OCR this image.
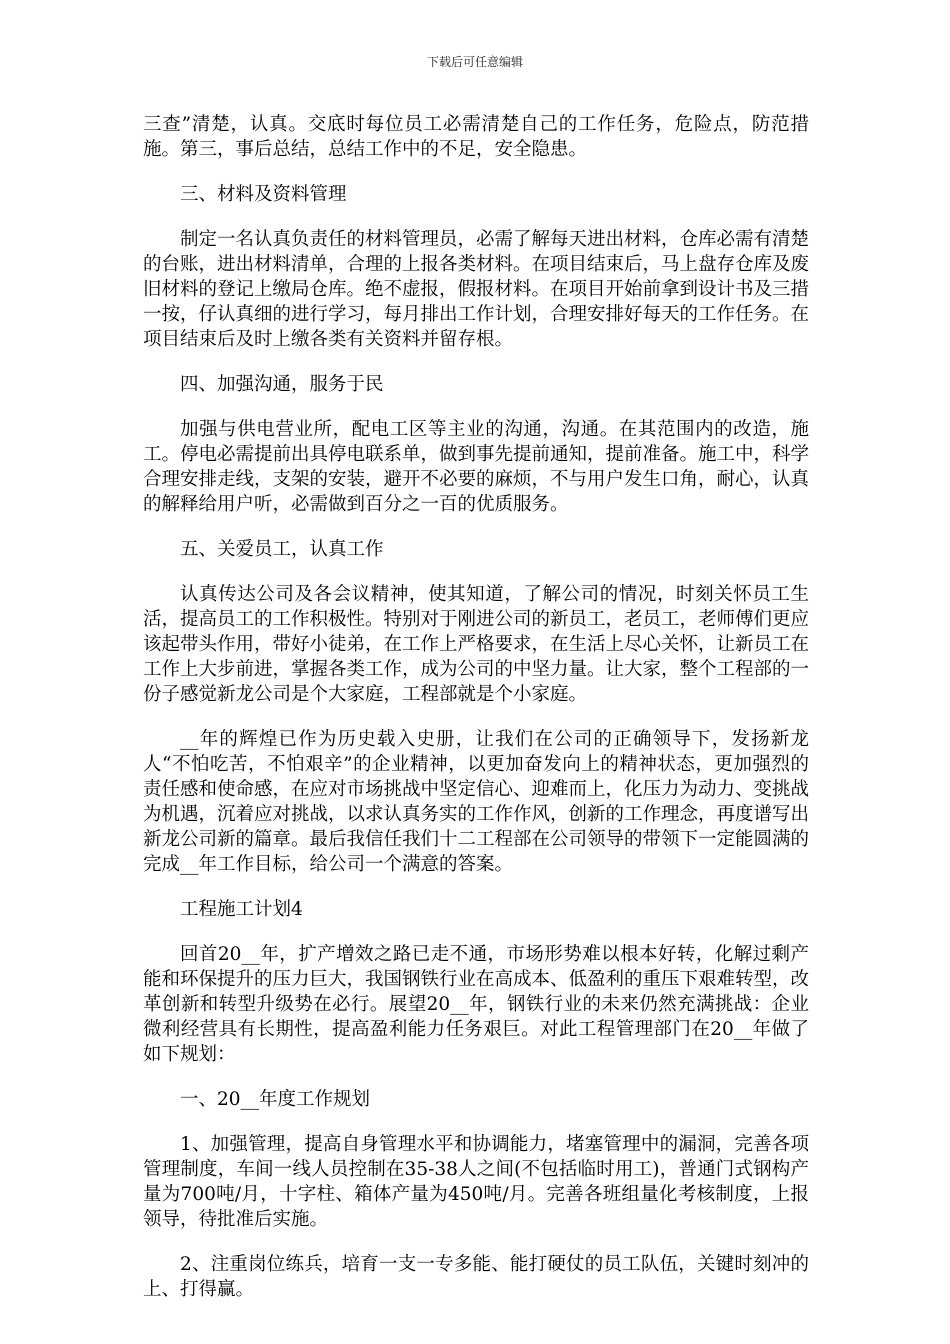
下载后可任意编辑

三查”清楚，认真。交底时每位员工必需清楚自己的工作任务，危险点，防范措施。第三，事后总结，总结工作中的不足，安全隐患。

三、材料及资料管理

制定一名认真负责任的材料管理员，必需了解每天进出材料，仓库必需有清楚的台账，进出材料清单，合理的上报各类材料。在项目结束后，马上盘存仓库及废旧材料的登记上缴局仓库。绝不虚报，假报材料。在项目开始前拿到设计书及三措一按，仔认真细的进行学习，每月排出工作计划，合理安排好每天的工作任务。在项目结束后及时上缴各类有关资料并留存根。

四、加强沟通，服务于民

加强与供电营业所，配电工区等主业的沟通，沟通。在其范围内的改造，施工。停电必需提前出具停电联系单，做到事先提前通知，提前准备。施工中，科学合理安排走线，支架的安装，避开不必要的麻烦，不与用户发生口角，耐心，认真的解释给用户听，必需做到百分之一百的优质服务。

五、关爱员工，认真工作

认真传达公司及各会议精神，使其知道，了解公司的情况，时刻关怀员工生活，提高员工的工作积极性。特别对于刚进公司的新员工，老员工，老师傅们更应该起带头作用，带好小徒弟，在工作上严格要求，在生活上尽心关怀，让新员工在工作上大步前进，掌握各类工作，成为公司的中坚力量。让大家，整个工程部的一份子感觉新龙公司是个大家庭，工程部就是个小家庭。

__年的辉煌已作为历史载入史册，让我们在公司的正确领导下，发扬新龙人“不怕吃苦，不怕艰辛”的企业精神，以更加奋发向上的精神状态，更加强烈的责任感和使命感，在应对市场挑战中坚定信心、迎难而上，化压力为动力、变挑战为机遇，沉着应对挑战，以求认真务实的工作作风，创新的工作理念，再度谱写出新龙公司新的篇章。最后我信任我们十二工程部在公司领导的带领下一定能圆满的完成__年工作目标，给公司一个满意的答案。

工程施工计划4

回首20__年，扩产增效之路已走不通，市场形势难以根本好转，化解过剩产能和环保提升的压力巨大，我国钢铁行业在高成本、低盈利的重压下艰难转型，改革创新和转型升级势在必行。展望20__年，钢铁行业的未来仍然充满挑战：企业微利经营具有长期性，提高盈利能力任务艰巨。对此工程管理部门在20__年做了如下规划：

一、20__年度工作规划

1、加强管理，提高自身管理水平和协调能力，堵塞管理中的漏洞，完善各项管理制度，车间一线人员控制在35-38人之间(不包括临时用工)，普通门式钢构产量为700吨/月，十字柱、箱体产量为450吨/月。完善各班组量化考核制度，上报领导，待批准后实施。

2、注重岗位练兵，培育一支一专多能、能打硬仗的员工队伍，关键时刻冲的上、打得赢。
